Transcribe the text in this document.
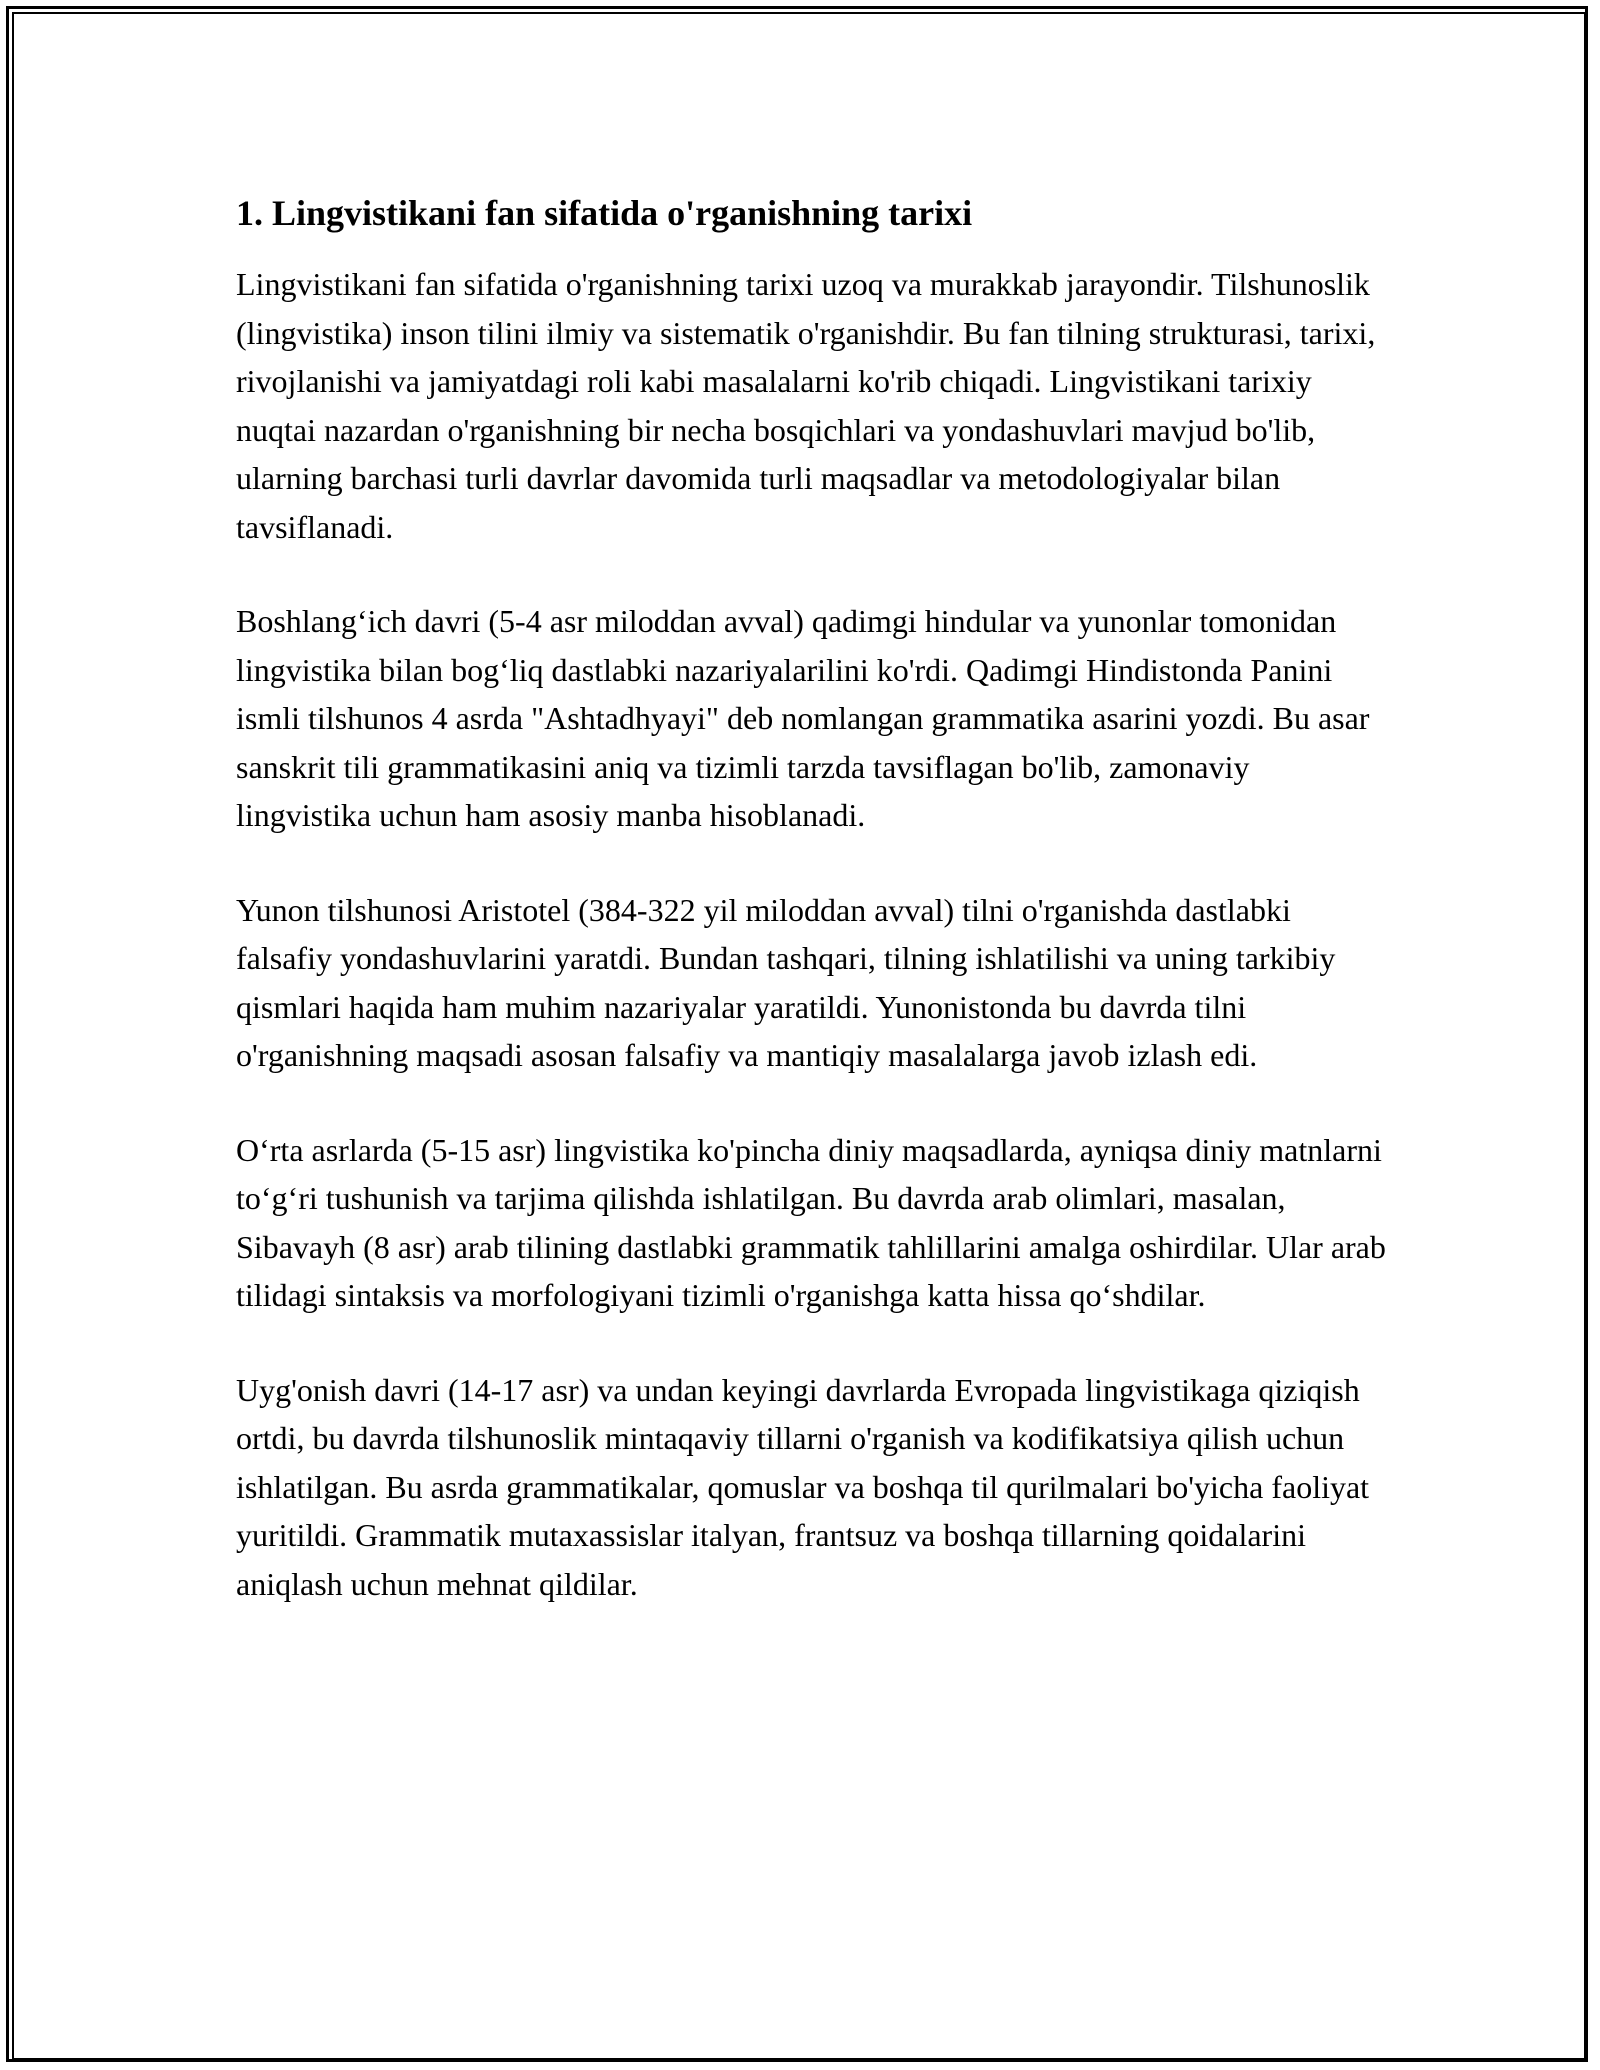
1. Lingvistikani fan sifatida o'rganishning tarixi

Lingvistikani fan sifatida o'rganishning tarixi uzoq va murakkab jarayondir. Tilshunoslik (lingvistika) inson tilini ilmiy va sistematik o'rganishdir. Bu fan tilning strukturasi, tarixi, rivojlanishi va jamiyatdagi roli kabi masalalarni ko'rib chiqadi. Lingvistikani tarixiy nuqtai nazardan o'rganishning bir necha bosqichlari va yondashuvlari mavjud bo'lib, ularning barchasi turli davrlar davomida turli maqsadlar va metodologiyalar bilan tavsiflanadi.

Boshlang‘ich davri (5-4 asr miloddan avval) qadimgi hindular va yunonlar tomonidan lingvistika bilan bog‘liq dastlabki nazariyalarilini ko'rdi. Qadimgi Hindistonda Panini ismli tilshunos 4 asrda "Ashtadhyayi" deb nomlangan grammatika asarini yozdi. Bu asar sanskrit tili grammatikasini aniq va tizimli tarzda tavsiflagan bo'lib, zamonaviy lingvistika uchun ham asosiy manba hisoblanadi.

Yunon tilshunosi Aristotel (384-322 yil miloddan avval) tilni o'rganishda dastlabki falsafiy yondashuvlarini yaratdi. Bundan tashqari, tilning ishlatilishi va uning tarkibiy qismlari haqida ham muhim nazariyalar yaratildi. Yunonistonda bu davrda tilni o'rganishning maqsadi asosan falsafiy va mantiqiy masalalarga javob izlash edi.

O‘rta asrlarda (5-15 asr) lingvistika ko'pincha diniy maqsadlarda, ayniqsa diniy matnlarni to‘g‘ri tushunish va tarjima qilishda ishlatilgan. Bu davrda arab olimlari, masalan, Sibavayh (8 asr) arab tilining dastlabki grammatik tahlillarini amalga oshirdilar. Ular arab tilidagi sintaksis va morfologiyani tizimli o'rganishga katta hissa qo‘shdilar.

Uyg'onish davri (14-17 asr) va undan keyingi davrlarda Evropada lingvistikaga qiziqish ortdi, bu davrda tilshunoslik mintaqaviy tillarni o'rganish va kodifikatsiya qilish uchun ishlatilgan. Bu asrda grammatikalar, qomuslar va boshqa til qurilmalari bo'yicha faoliyat yuritildi. Grammatik mutaxassislar italyan, frantsuz va boshqa tillarning qoidalarini aniqlash uchun mehnat qildilar.
